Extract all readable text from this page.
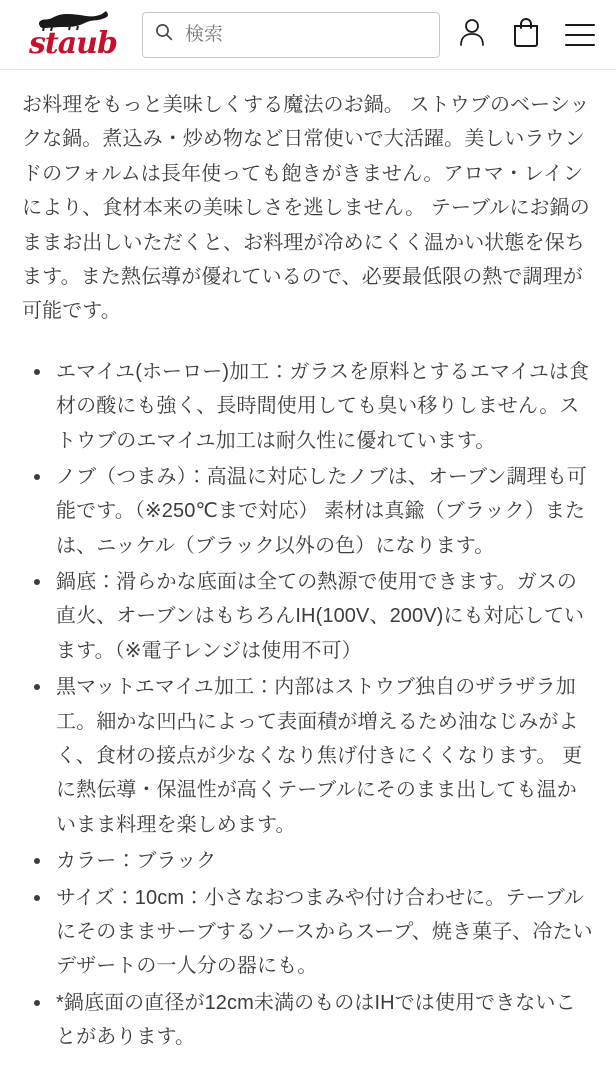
staub
検索

お料理をもっと美味しくする魔法のお鍋。 ストウブのベーシックな鍋。煮込み・炒め物など日常使いで大活躍。美しいラウンドのフォルムは長年使っても飽きがきません。アロマ・レインにより、食材本来の美味しさを逃しません。 テーブルにお鍋のままお出しいただくと、お料理が冷めにくく温かい状態を保ちます。また熱伝導が優れているので、必要最低限の熱で調理が可能です。

エマイユ(ホーロー)加工：ガラスを原料とするエマイユは食材の酸にも強く、長時間使用しても臭い移りしません。ストウブのエマイユ加工は耐久性に優れています。
ノブ（つまみ）：高温に対応したノブは、オーブン調理も可能です。（※250℃まで対応） 素材は真鍮（ブラック）または、ニッケル（ブラック以外の色）になります。
鍋底：滑らかな底面は全ての熱源で使用できます。ガスの直火、オーブンはもちろんIH(100V、200V)にも対応しています。（※電子レンジは使用不可）
黒マットエマイユ加工：内部はストウブ独自のザラザラ加工。細かな凹凸によって表面積が増えるため油なじみがよく、食材の接点が少なくなり焦げ付きにくくなります。 更に熱伝導・保温性が高くテーブルにそのまま出しても温かいまま料理を楽しめます。
カラー：ブラック
サイズ：10cm：小さなおつまみや付け合わせに。テーブルにそのままサーブするソースからスープ、焼き菓子、冷たいデザートの一人分の器にも。
*鍋底面の直径が12cm未満のものはIHでは使用できないことがあります。
